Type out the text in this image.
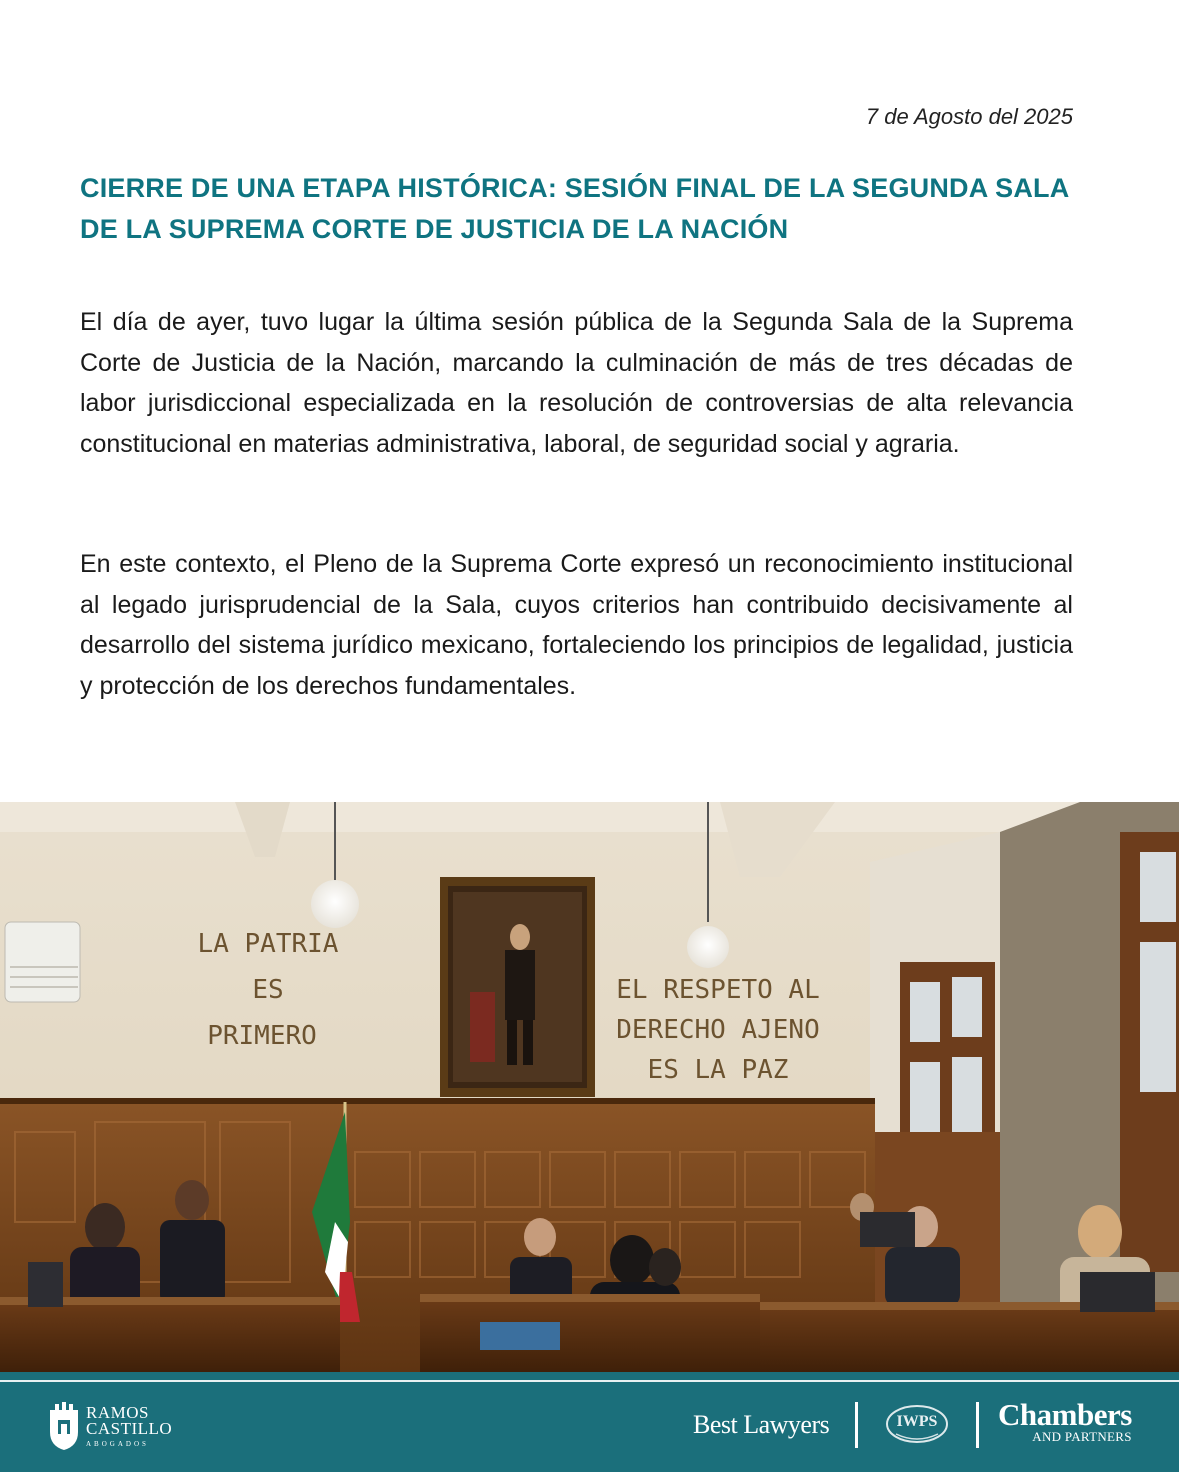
7 de Agosto del 2025
CIERRE DE UNA ETAPA HISTÓRICA: SESIÓN FINAL DE LA SEGUNDA SALA DE LA SUPREMA CORTE DE JUSTICIA DE LA NACIÓN

El día de ayer, tuvo lugar la última sesión pública de la Segunda Sala de la Suprema Corte de Justicia de la Nación, marcando la culminación de más de tres décadas de labor jurisdiccional especializada en la resolución de controversias de alta relevancia constitucional en materias administrativa, laboral, de seguridad social y agraria.

En este contexto, el Pleno de la Suprema Corte expresó un reconocimiento institucional al legado jurisprudencial de la Sala, cuyos criterios han contribuido decisivamente al desarrollo del sistema jurídico mexicano, fortaleciendo los principios de legalidad, justicia y protección de los derechos fundamentales.

LA PATRIA
ES
PRIMERO
EL RESPETO AL
DERECHO AJENO
ES LA PAZ
RAMOS
CASTILLO
ABOGADOS
Best Lawyers	IWPS Chambers
AND PARTNERS
